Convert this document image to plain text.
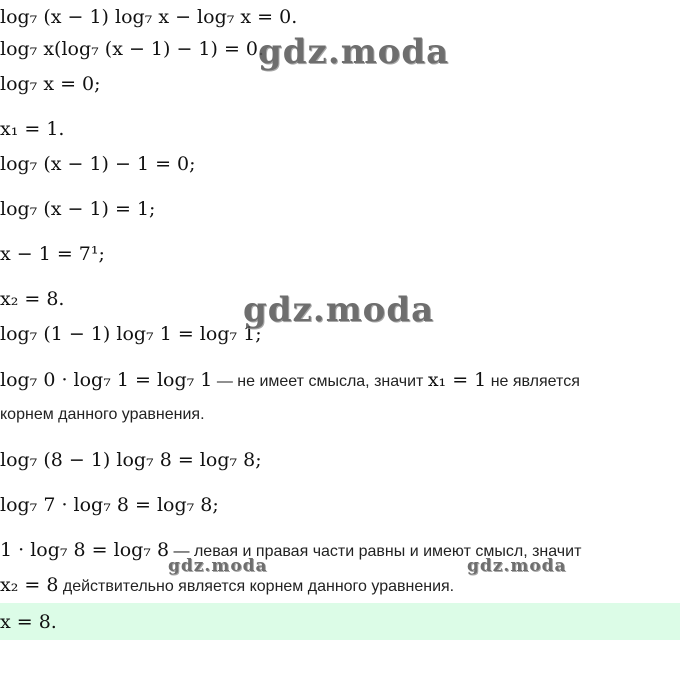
log₇ (x − 1) log₇ x − log₇ x = 0.
log₇ x(log₇ (x − 1) − 1) = 0.
log₇ x = 0;
x₁ = 1.
log₇ (x − 1) − 1 = 0;
log₇ (x − 1) = 1;
x − 1 = 7¹;
x₂ = 8.
log₇ (1 − 1) log₇ 1 = log₇ 1;
log₇ 0 · log₇ 1 = log₇ 1 — не имеет смысла, значит x₁ = 1 не является
корнем данного уравнения.
log₇ (8 − 1) log₇ 8 = log₇ 8;
log₇ 7 · log₇ 8 = log₇ 8;
1 · log₇ 8 = log₇ 8 — левая и правая части равны и имеют смысл, значит
x₂ = 8 действительно является корнем данного уравнения.
x = 8.
gdz.moda
gdz.moda
gdz.moda	gdz.moda
